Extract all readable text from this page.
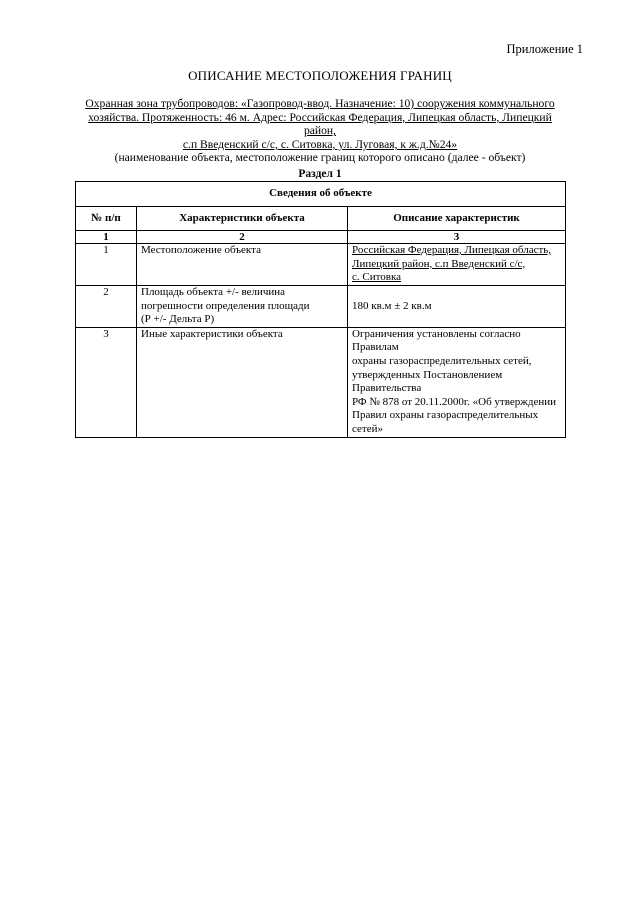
Приложение 1
ОПИСАНИЕ МЕСТОПОЛОЖЕНИЯ ГРАНИЦ
Охранная зона трубопроводов: «Газопровод-ввод. Назначение: 10) сооружения коммунального
хозяйства. Протяженность: 46 м. Адрес: Российская Федерация, Липецкая область, Липецкий район,
с.п Введенский с/с, с. Ситовка, ул. Луговая, к ж.д.№24»
(наименование объекта, местоположение границ которого описано (далее - объект)
Раздел 1
Сведения об объекте		
№ п/п	Характеристики объекта	Описание характеристик
1	2	3
1	Местоположение объекта	Российская Федерация, Липецкая область,
Липецкий район, с.п Введенский с/с,
с. Ситовка
2	Площадь объекта +/- величина
погрешности определения площади
(Р +/- Дельта Р)	180 кв.м ± 2 кв.м
3	Иные характеристики объекта	Ограничения установлены согласно Правилам
охраны газораспределительных сетей,
утвержденных Постановлением Правительства
РФ № 878 от 20.11.2000г. «Об утверждении
Правил охраны газораспределительных сетей»
